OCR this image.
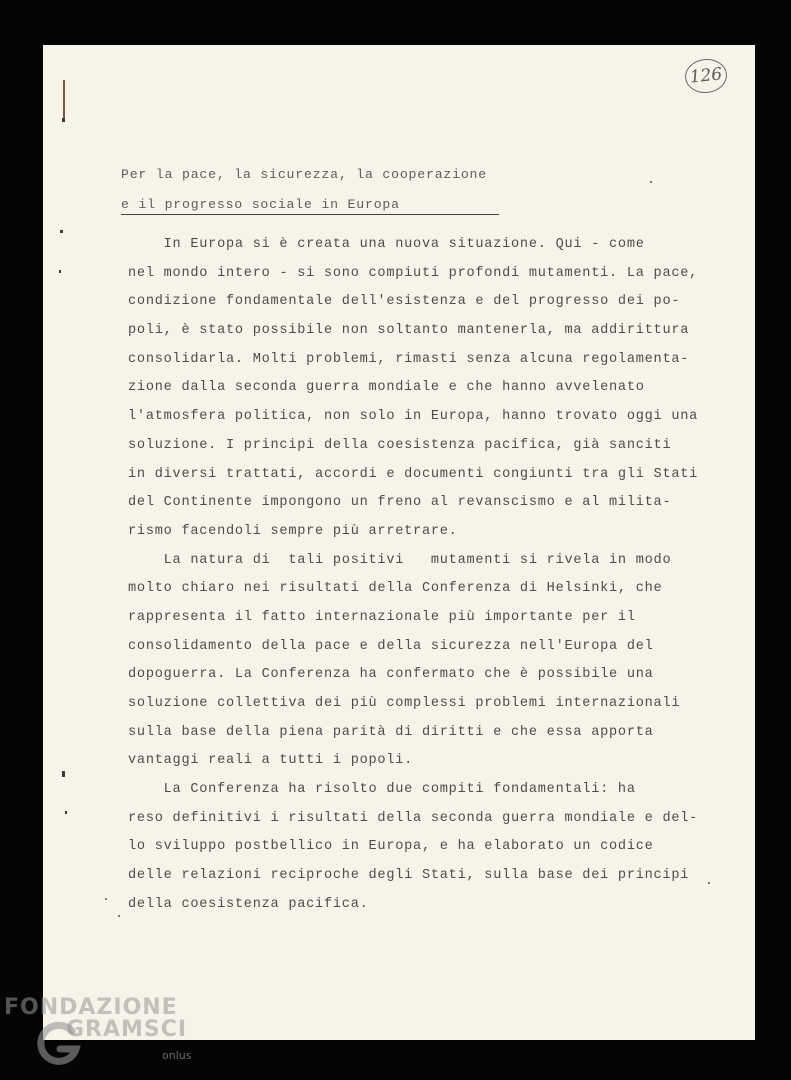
126
Per la pace, la sicurezza, la cooperazione
e il progresso sociale in Europa
In Europa si è creata una nuova situazione. Qui - come
nel mondo intero - si sono compiuti profondi mutamenti. La pace,
condizione fondamentale dell'esistenza e del progresso dei po-
poli, è stato possibile non soltanto mantenerla, ma addirittura
consolidarla. Molti problemi, rimasti senza alcuna regolamenta-
zione dalla seconda guerra mondiale e che hanno avvelenato
l'atmosfera politica, non solo in Europa, hanno trovato oggi una
soluzione. I principi della coesistenza pacifica, già sanciti
in diversi trattati, accordi e documenti congiunti tra gli Stati
del Continente impongono un freno al revanscismo e al milita-
rismo facendoli sempre più arretrare.
La natura di  tali positivi   mutamenti si rivela in modo
molto chiaro nei risultati della Conferenza di Helsinki, che
rappresenta il fatto internazionale più importante per il
consolidamento della pace e della sicurezza nell'Europa del
dopoguerra. La Conferenza ha confermato che è possibile una
soluzione collettiva dei più complessi problemi internazionali
sulla base della piena parità di diritti e che essa apporta
vantaggi reali a tutti i popoli.
La Conferenza ha risolto due compiti fondamentali: ha
reso definitivi i risultati della seconda guerra mondiale e del-
lo sviluppo postbellico in Europa, e ha elaborato un codice
delle relazioni reciproche degli Stati, sulla base dei principi
della coesistenza pacifica.
FONDAZIONE
GRAMSCI
onlus
